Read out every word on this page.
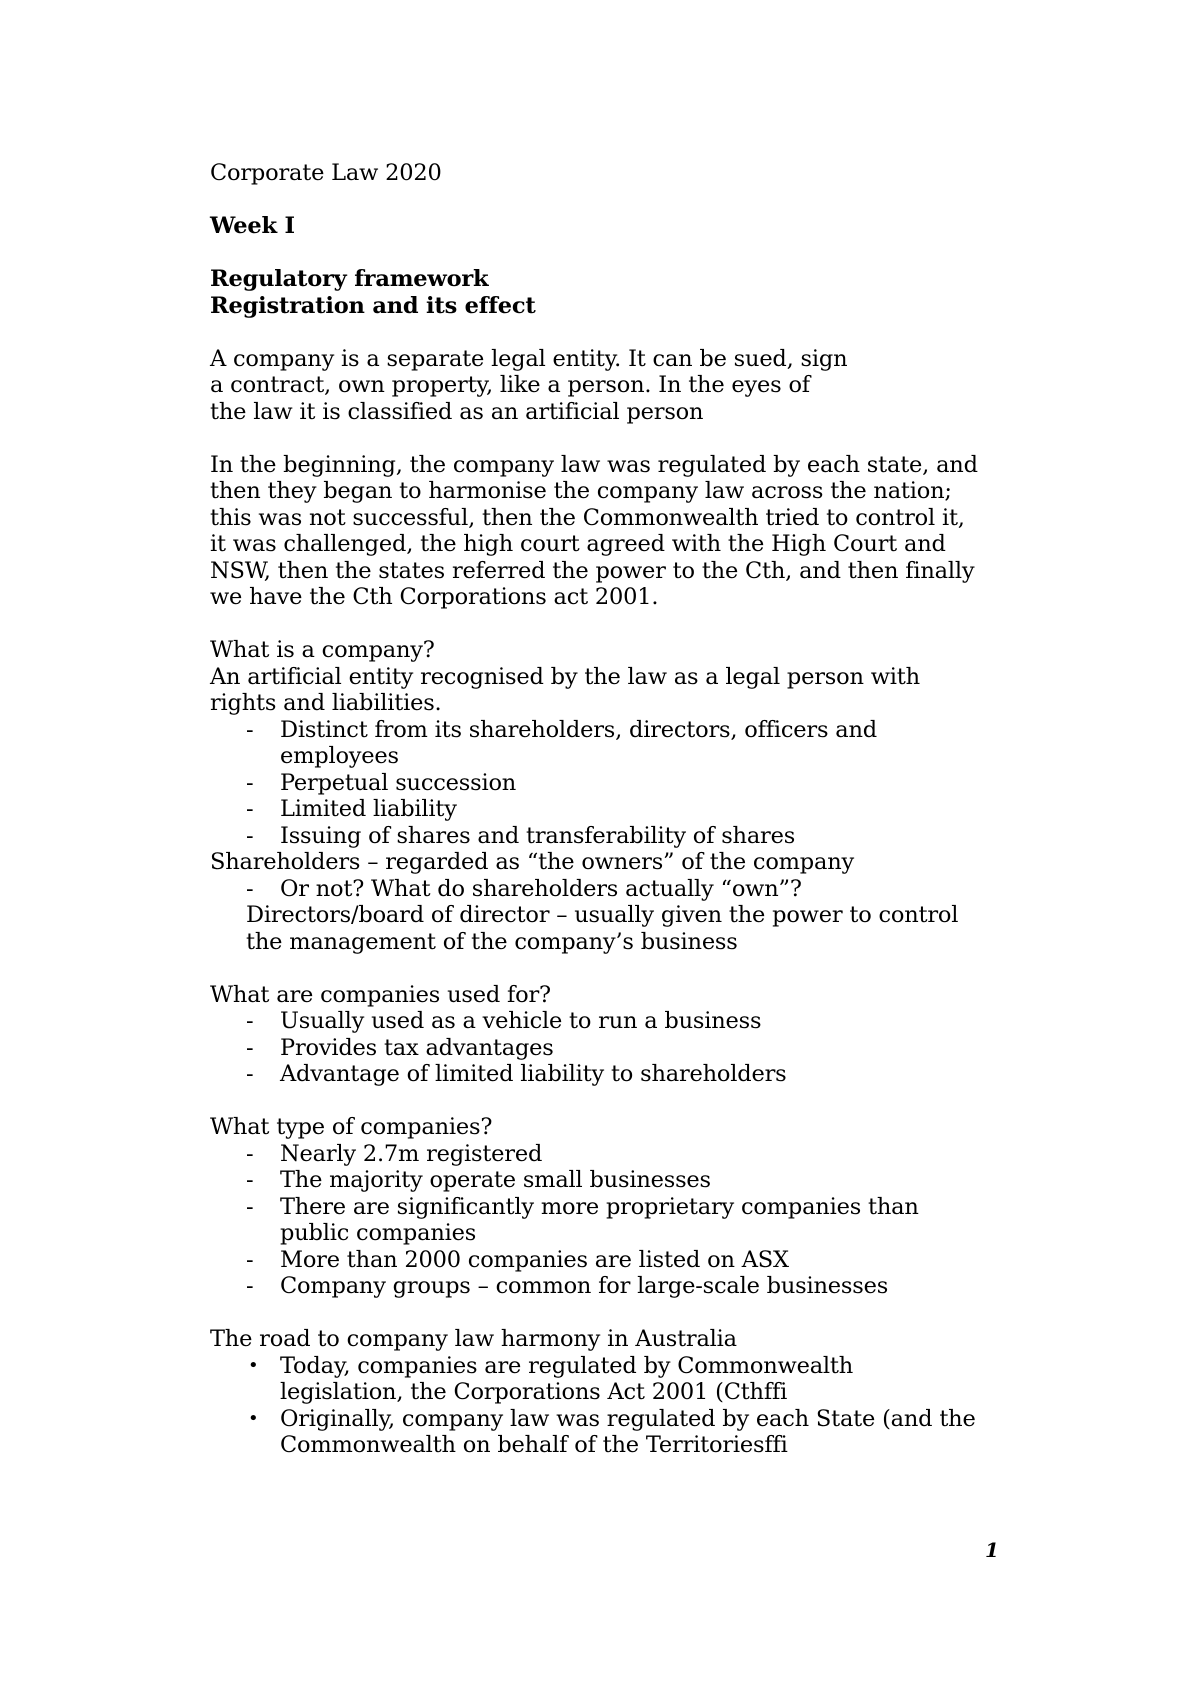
Corporate Law 2020

Week I

Regulatory framework

Registration and its effect

A company is a separate legal entity. It can be sued, sign a contract, own property, like a person. In the eyes of the law it is classified as an artificial person

In the beginning, the company law was regulated by each state, and then they began to harmonise the company law across the nation; this was not successful, then the Commonwealth tried to control it, it was challenged, the high court agreed with the High Court and NSW, then the states referred the power to the Cth, and then finally we have the Cth Corporations act 2001.

What is a company?

An artificial entity recognised by the law as a legal person with rights and liabilities.

- Distinct from its shareholders, directors, officers and employees
- Perpetual succession
- Limited liability
- Issuing of shares and transferability of shares

Shareholders – regarded as “the owners” of the company

- Or not? What do shareholders actually “own”?

Directors/board of director – usually given the power to control the management of the company’s business

What are companies used for?

- Usually used as a vehicle to run a business
- Provides tax advantages
- Advantage of limited liability to shareholders

What type of companies?

- Nearly 2.7m registered
- The majority operate small businesses
- There are significantly more proprietary companies than public companies
- More than 2000 companies are listed on ASX
- Company groups – common for large-scale businesses

The road to company law harmony in Australia

• Today, companies are regulated by Commonwealth legislation, the Corporations Act 2001 (Cthffi
• Originally, company law was regulated by each State (and the Commonwealth on behalf of the Territoriesffi
1
